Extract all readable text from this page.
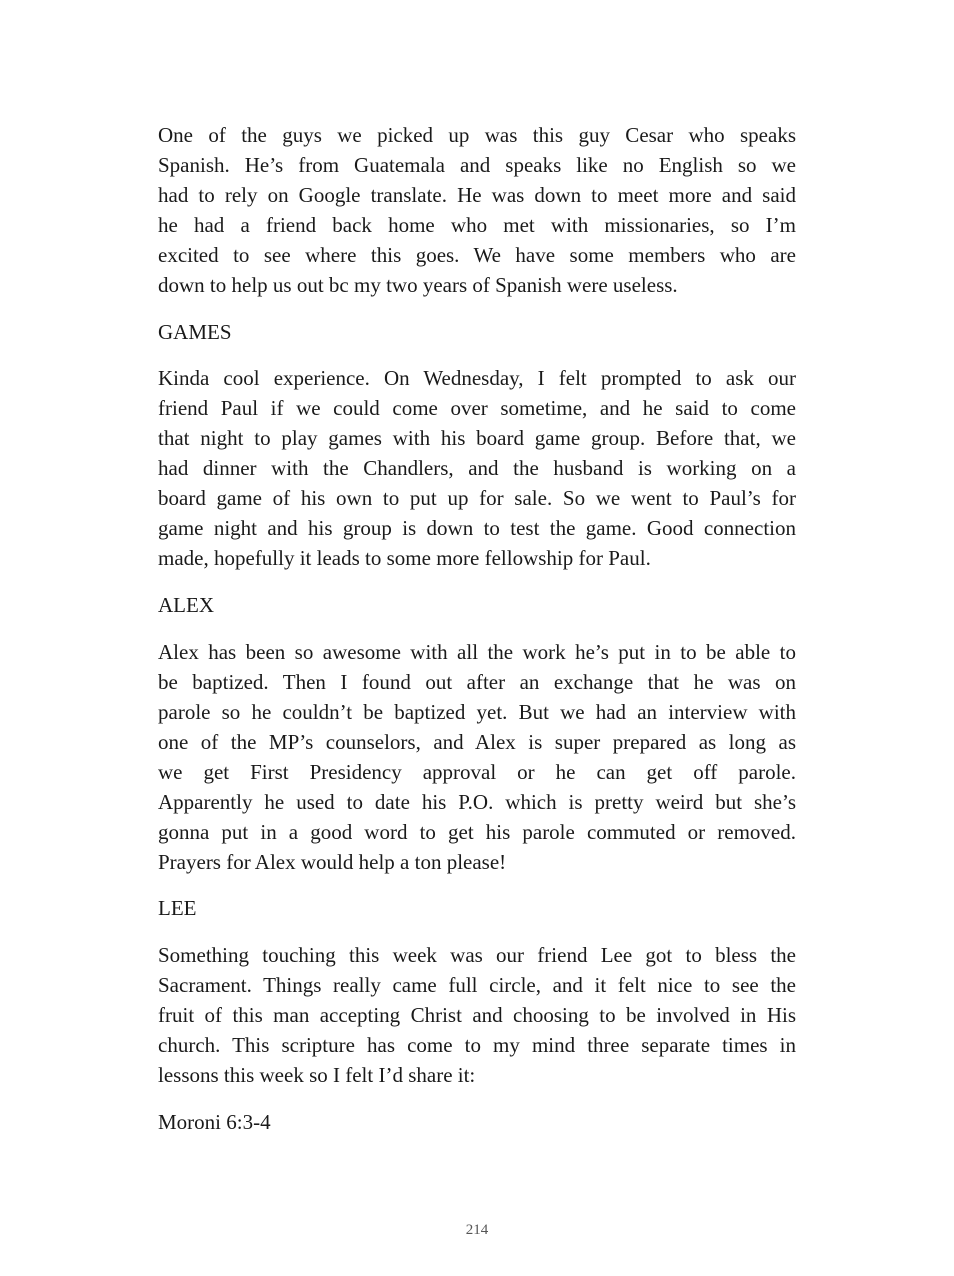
One of the guys we picked up was this guy Cesar who speaks
Spanish. He’s from Guatemala and speaks like no English so we
had to rely on Google translate. He was down to meet more and said
he had a friend back home who met with missionaries, so I’m
excited to see where this goes. We have some members who are
down to help us out bc my two years of Spanish were useless.
GAMES
Kinda cool experience. On Wednesday, I felt prompted to ask our
friend Paul if we could come over sometime, and he said to come
that night to play games with his board game group. Before that, we
had dinner with the Chandlers, and the husband is working on a
board game of his own to put up for sale. So we went to Paul’s for
game night and his group is down to test the game. Good connection
made, hopefully it leads to some more fellowship for Paul.
ALEX
Alex has been so awesome with all the work he’s put in to be able to
be baptized. Then I found out after an exchange that he was on
parole so he couldn’t be baptized yet. But we had an interview with
one of the MP’s counselors, and Alex is super prepared as long as
we get First Presidency approval or he can get off parole.
Apparently he used to date his P.O. which is pretty weird but she’s
gonna put in a good word to get his parole commuted or removed.
Prayers for Alex would help a ton please!
LEE
Something touching this week was our friend Lee got to bless the
Sacrament. Things really came full circle, and it felt nice to see the
fruit of this man accepting Christ and choosing to be involved in His
church. This scripture has come to my mind three separate times in
lessons this week so I felt I’d share it:
Moroni 6:3-4
214
